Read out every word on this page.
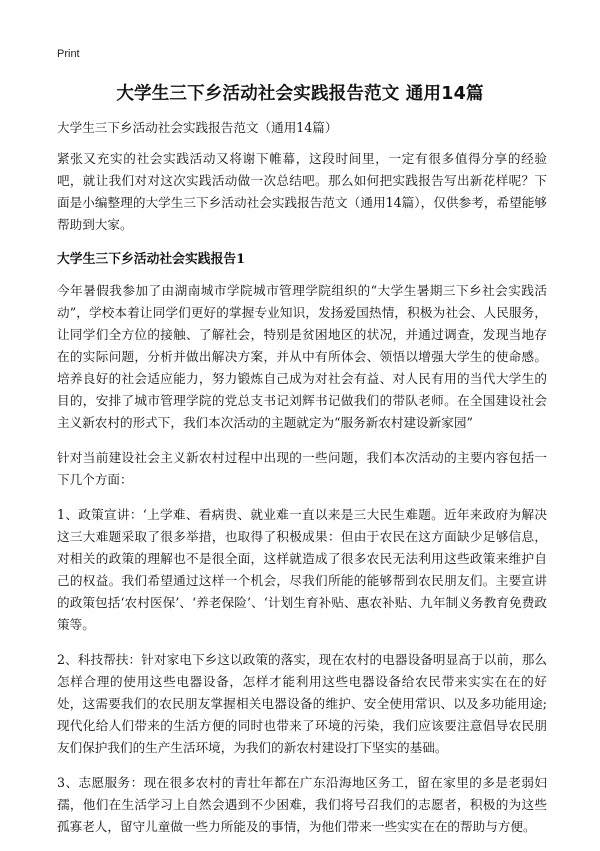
Print
大学生三下乡活动社会实践报告范文 通用14篇

大学生三下乡活动社会实践报告范文（通用14篇）

紧张又充实的社会实践活动又将谢下帷幕，这段时间里，一定有很多值得分享的经验吧，就让我们对对这次实践活动做一次总结吧。那么如何把实践报告写出新花样呢？下面是小编整理的大学生三下乡活动社会实践报告范文（通用14篇），仅供参考，希望能够帮助到大家。

大学生三下乡活动社会实践报告1

今年暑假我参加了由湖南城市学院城市管理学院组织的“大学生暑期三下乡社会实践活动”，学校本着让同学们更好的掌握专业知识，发扬爱国热情，积极为社会、人民服务，让同学们全方位的接触、了解社会，特别是贫困地区的状况，并通过调查，发现当地存在的实际问题，分析并做出解决方案，并从中有所体会、领悟以增强大学生的使命感。培养良好的社会适应能力，努力锻炼自己成为对社会有益、对人民有用的当代大学生的目的，安排了城市管理学院的党总支书记刘辉书记做我们的带队老师。在全国建设社会主义新农村的形式下，我们本次活动的主题就定为“服务新农村建设新家园”

针对当前建设社会主义新农村过程中出现的一些问题，我们本次活动的主要内容包括一下几个方面：

1、政策宣讲：‘上学难、看病贵、就业难一直以来是三大民生难题。近年来政府为解决这三大难题采取了很多举措，也取得了积极成果：但由于农民在这方面缺少足够信息，对相关的政策的理解也不是很全面，这样就造成了很多农民无法利用这些政策来维护自己的权益。我们希望通过这样一个机会，尽我们所能的能够帮到农民朋友们。主要宣讲的政策包括‘农村医保’、‘养老保险’、‘计划生育补贴、惠农补贴、九年制义务教育免费政策等。

2、科技帮扶：针对家电下乡这以政策的落实，现在农村的电器设备明显高于以前，那么怎样合理的使用这些电器设备，怎样才能利用这些电器设备给农民带来实实在在的好处，这需要我们的农民朋友掌握相关电器设备的维护、安全使用常识、以及多功能用途;现代化给人们带来的生活方便的同时也带来了环境的污染，我们应该要注意倡导农民朋友们保护我们的生产生活环境，为我们的新农村建设打下坚实的基础。

3、志愿服务：现在很多农村的青壮年都在广东沿海地区务工，留在家里的多是老弱妇孺，他们在生活学习上自然会遇到不少困难，我们将号召我们的志愿者，积极的为这些孤寡老人，留守儿童做一些力所能及的事情，为他们带来一些实实在在的帮助与方便。
